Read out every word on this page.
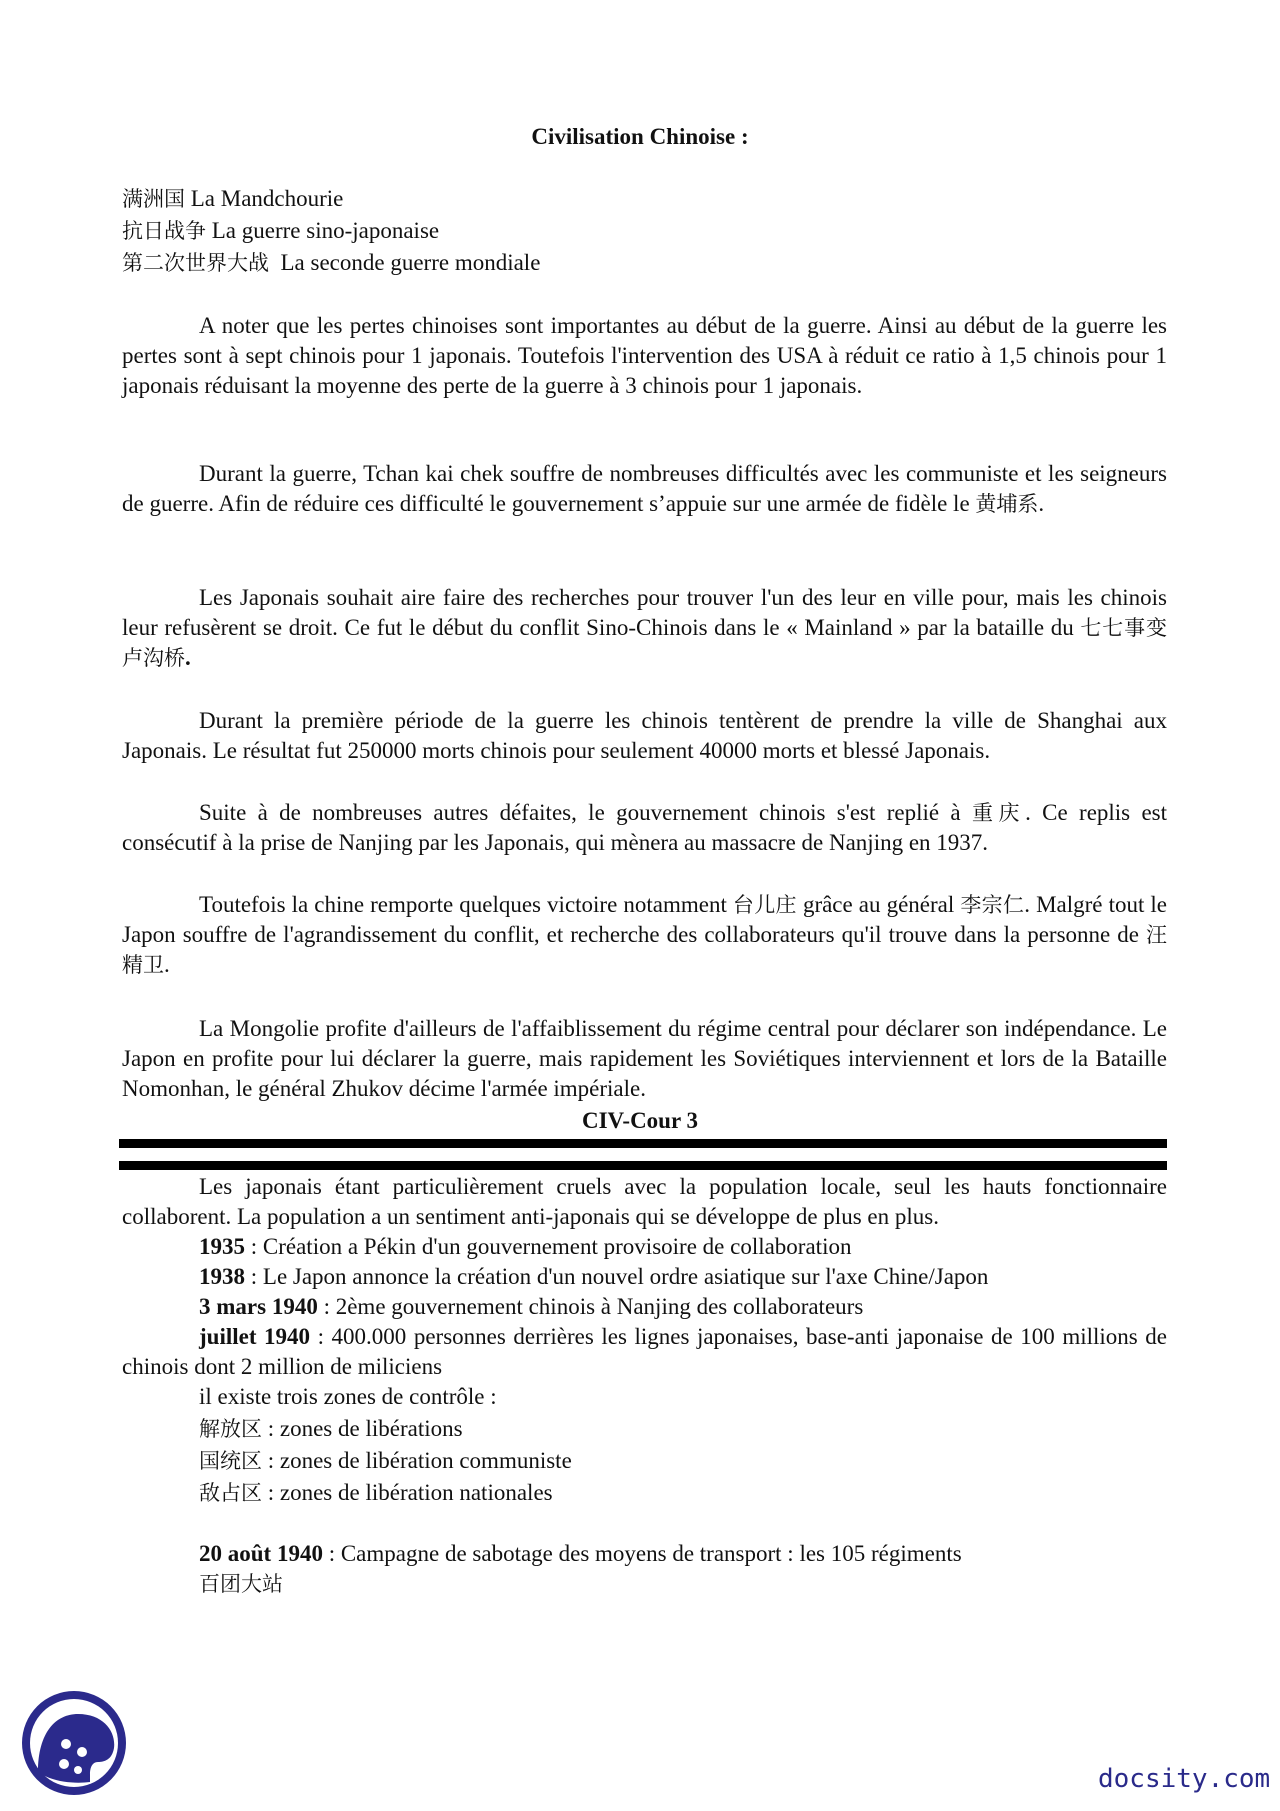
Civilisation Chinoise :
满洲国 La Mandchourie
抗日战争 La guerre sino-japonaise
第二次世界大战 La seconde guerre mondiale

A noter que les pertes chinoises sont importantes au début de la guerre. Ainsi au début de la guerre les pertes sont à sept chinois pour 1 japonais. Toutefois l'intervention des USA à réduit ce ratio à 1,5 chinois pour 1 japonais réduisant la moyenne des perte de la guerre à 3 chinois pour 1 japonais.

Durant la guerre, Tchan kai chek souffre de nombreuses difficultés avec les communiste et les seigneurs de guerre. Afin de réduire ces difficulté le gouvernement s’appuie sur une armée de fidèle le 黄埔系.

Les Japonais souhait aire faire des recherches pour trouver l'un des leur en ville pour, mais les chinois leur refusèrent se droit. Ce fut le début du conflit Sino-Chinois dans le « Mainland » par la bataille du 七七事变 卢沟桥.

Durant la première période de la guerre les chinois tentèrent de prendre la ville de Shanghai aux Japonais. Le résultat fut 250000 morts chinois pour seulement 40000 morts et blessé Japonais.

Suite à de nombreuses autres défaites, le gouvernement chinois s'est replié à 重庆. Ce replis est consécutif à la prise de Nanjing par les Japonais, qui mènera au massacre de Nanjing en 1937.

Toutefois la chine remporte quelques victoire notamment 台儿庄 grâce au général 李宗仁. Malgré tout le Japon souffre de l'agrandissement du conflit, et recherche des collaborateurs qu'il trouve dans la personne de 汪精卫.

La Mongolie profite d'ailleurs de l'affaiblissement du régime central pour déclarer son indépendance. Le Japon en profite pour lui déclarer la guerre, mais rapidement les Soviétiques interviennent et lors de la Bataille Nomonhan, le général Zhukov décime l'armée impériale.

CIV-Cour 3

Les japonais étant particulièrement cruels avec la population locale, seul les hauts fonctionnaire collaborent. La population a un sentiment anti-japonais qui se développe de plus en plus.

1935 : Création a Pékin d'un gouvernement provisoire de collaboration
1938 : Le Japon annonce la création d'un nouvel ordre asiatique sur l'axe Chine/Japon
3 mars 1940 : 2ème gouvernement chinois à Nanjing des collaborateurs

juillet 1940 : 400.000 personnes derrières les lignes japonaises, base-anti japonaise de 100 millions de chinois dont 2 million de miliciens

il existe trois zones de contrôle :
解放区 : zones de libérations
国统区 : zones de libération communiste
敌占区 : zones de libération nationales
20 août 1940 : Campagne de sabotage des moyens de transport : les 105 régiments
百团大站
docsity.com
